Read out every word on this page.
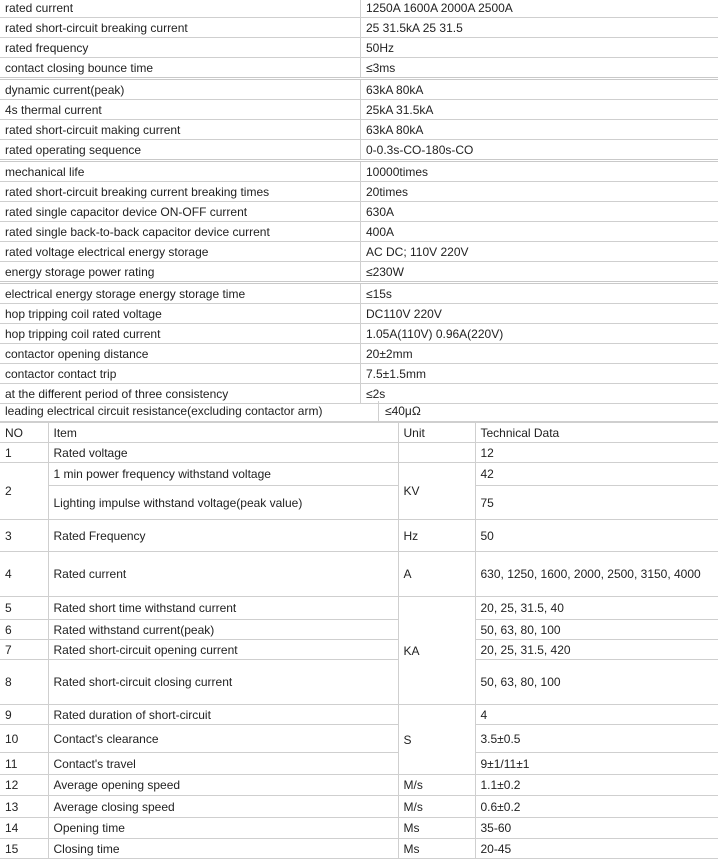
rated current	1250A 1600A 2000A 2500A
rated short-circuit breaking current	25 31.5kA 25 31.5
rated frequency	50Hz
contact closing bounce time	≤3ms
dynamic current(peak)	63kA 80kA
4s thermal current	25kA 31.5kA
rated short-circuit making current	63kA 80kA
rated operating sequence	0-0.3s-CO-180s-CO
mechanical life	10000times
rated short-circuit breaking current breaking times	20times
rated single capacitor device ON-OFF current	630A
rated single back-to-back capacitor device current	400A
rated voltage electrical energy storage	AC DC; 110V 220V
energy storage power rating	≤230W
electrical energy storage energy storage time	≤15s
hop tripping coil rated voltage	DC110V 220V
hop tripping coil rated current	1.05A(110V) 0.96A(220V)
contactor opening distance	20±2mm
contactor contact trip	7.5±1.5mm
at the different period of three consistency	≤2s
leading electrical circuit resistance(excluding contactor arm)	≤40μΩ
NO	Item	Unit	Technical Data
1	Rated voltage		12
2	1 min power frequency withstand voltage	KV	42
	Lighting impulse withstand voltage(peak value)		75
3	Rated Frequency	Hz	50
4	Rated current	A	630, 1250, 1600, 2000, 2500, 3150, 4000
5	Rated short time withstand current	KA	20, 25, 31.5, 40
6	Rated withstand current(peak)		50, 63, 80, 100
7	Rated short-circuit opening current		20, 25, 31.5, 420
8	Rated short-circuit closing current		50, 63, 80, 100
9	Rated duration of short-circuit	S	4
10	Contact's clearance		3.5±0.5
11	Contact's travel		9±1/11±1
12	Average opening speed	M/s	1.1±0.2
13	Average closing speed	M/s	0.6±0.2
14	Opening time	Ms	35-60
15	Closing time	Ms	20-45
